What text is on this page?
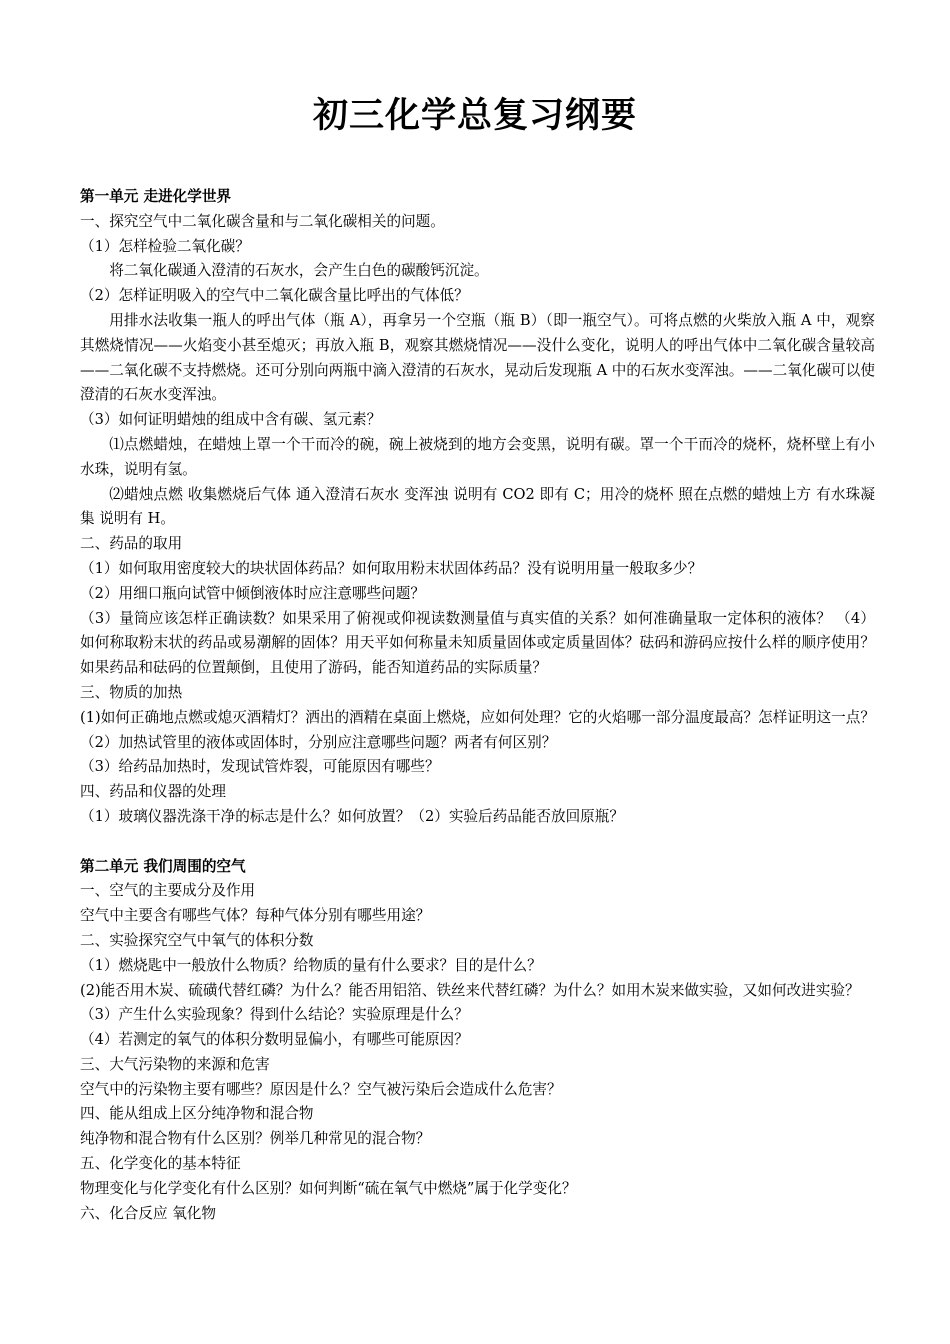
初三化学总复习纲要

第一单元 走进化学世界

一、探究空气中二氧化碳含量和与二氧化碳相关的问题。

（1）怎样检验二氧化碳？

将二氧化碳通入澄清的石灰水，会产生白色的碳酸钙沉淀。

（2）怎样证明吸入的空气中二氧化碳含量比呼出的气体低？

用排水法收集一瓶人的呼出气体（瓶 A），再拿另一个空瓶（瓶 B）（即一瓶空气）。可将点燃的火柴放入瓶 A 中，观察其燃烧情况——火焰变小甚至熄灭；再放入瓶 B，观察其燃烧情况——没什么变化，说明人的呼出气体中二氧化碳含量较高——二氧化碳不支持燃烧。还可分别向两瓶中滴入澄清的石灰水，晃动后发现瓶 A 中的石灰水变浑浊。——二氧化碳可以使澄清的石灰水变浑浊。

（3）如何证明蜡烛的组成中含有碳、氢元素？

⑴点燃蜡烛，在蜡烛上罩一个干而冷的碗，碗上被烧到的地方会变黑，说明有碳。罩一个干而冷的烧杯，烧杯壁上有小水珠，说明有氢。

⑵蜡烛点燃 收集燃烧后气体 通入澄清石灰水 变浑浊 说明有 CO2 即有 C；用冷的烧杯 照在点燃的蜡烛上方 有水珠凝集 说明有 H。

二、药品的取用

（1）如何取用密度较大的块状固体药品？如何取用粉末状固体药品？没有说明用量一般取多少？

（2）用细口瓶向试管中倾倒液体时应注意哪些问题？

（3）量筒应该怎样正确读数？如果采用了俯视或仰视读数测量值与真实值的关系？如何准确量取一定体积的液体？ （4）如何称取粉末状的药品或易潮解的固体？用天平如何称量未知质量固体或定质量固体？砝码和游码应按什么样的顺序使用？如果药品和砝码的位置颠倒，且使用了游码，能否知道药品的实际质量？

三、物质的加热

(1)如何正确地点燃或熄灭酒精灯？洒出的酒精在桌面上燃烧，应如何处理？它的火焰哪一部分温度最高？怎样证明这一点？（2）加热试管里的液体或固体时，分别应注意哪些问题？两者有何区别？

（3）给药品加热时，发现试管炸裂，可能原因有哪些？

四、药品和仪器的处理

（1）玻璃仪器洗涤干净的标志是什么？如何放置？（2）实验后药品能否放回原瓶？

第二单元 我们周围的空气

一、空气的主要成分及作用

空气中主要含有哪些气体？每种气体分别有哪些用途？

二、实验探究空气中氧气的体积分数

（1）燃烧匙中一般放什么物质？给物质的量有什么要求？目的是什么？

(2)能否用木炭、硫磺代替红磷？为什么？能否用铝箔、铁丝来代替红磷？为什么？如用木炭来做实验，又如何改进实验？

（3）产生什么实验现象？得到什么结论？实验原理是什么？

（4）若测定的氧气的体积分数明显偏小，有哪些可能原因？

三、大气污染物的来源和危害

空气中的污染物主要有哪些？原因是什么？空气被污染后会造成什么危害？

四、能从组成上区分纯净物和混合物

纯净物和混合物有什么区别？例举几种常见的混合物？

五、化学变化的基本特征

物理变化与化学变化有什么区别？如何判断“硫在氧气中燃烧”属于化学变化？

六、化合反应 氧化物
